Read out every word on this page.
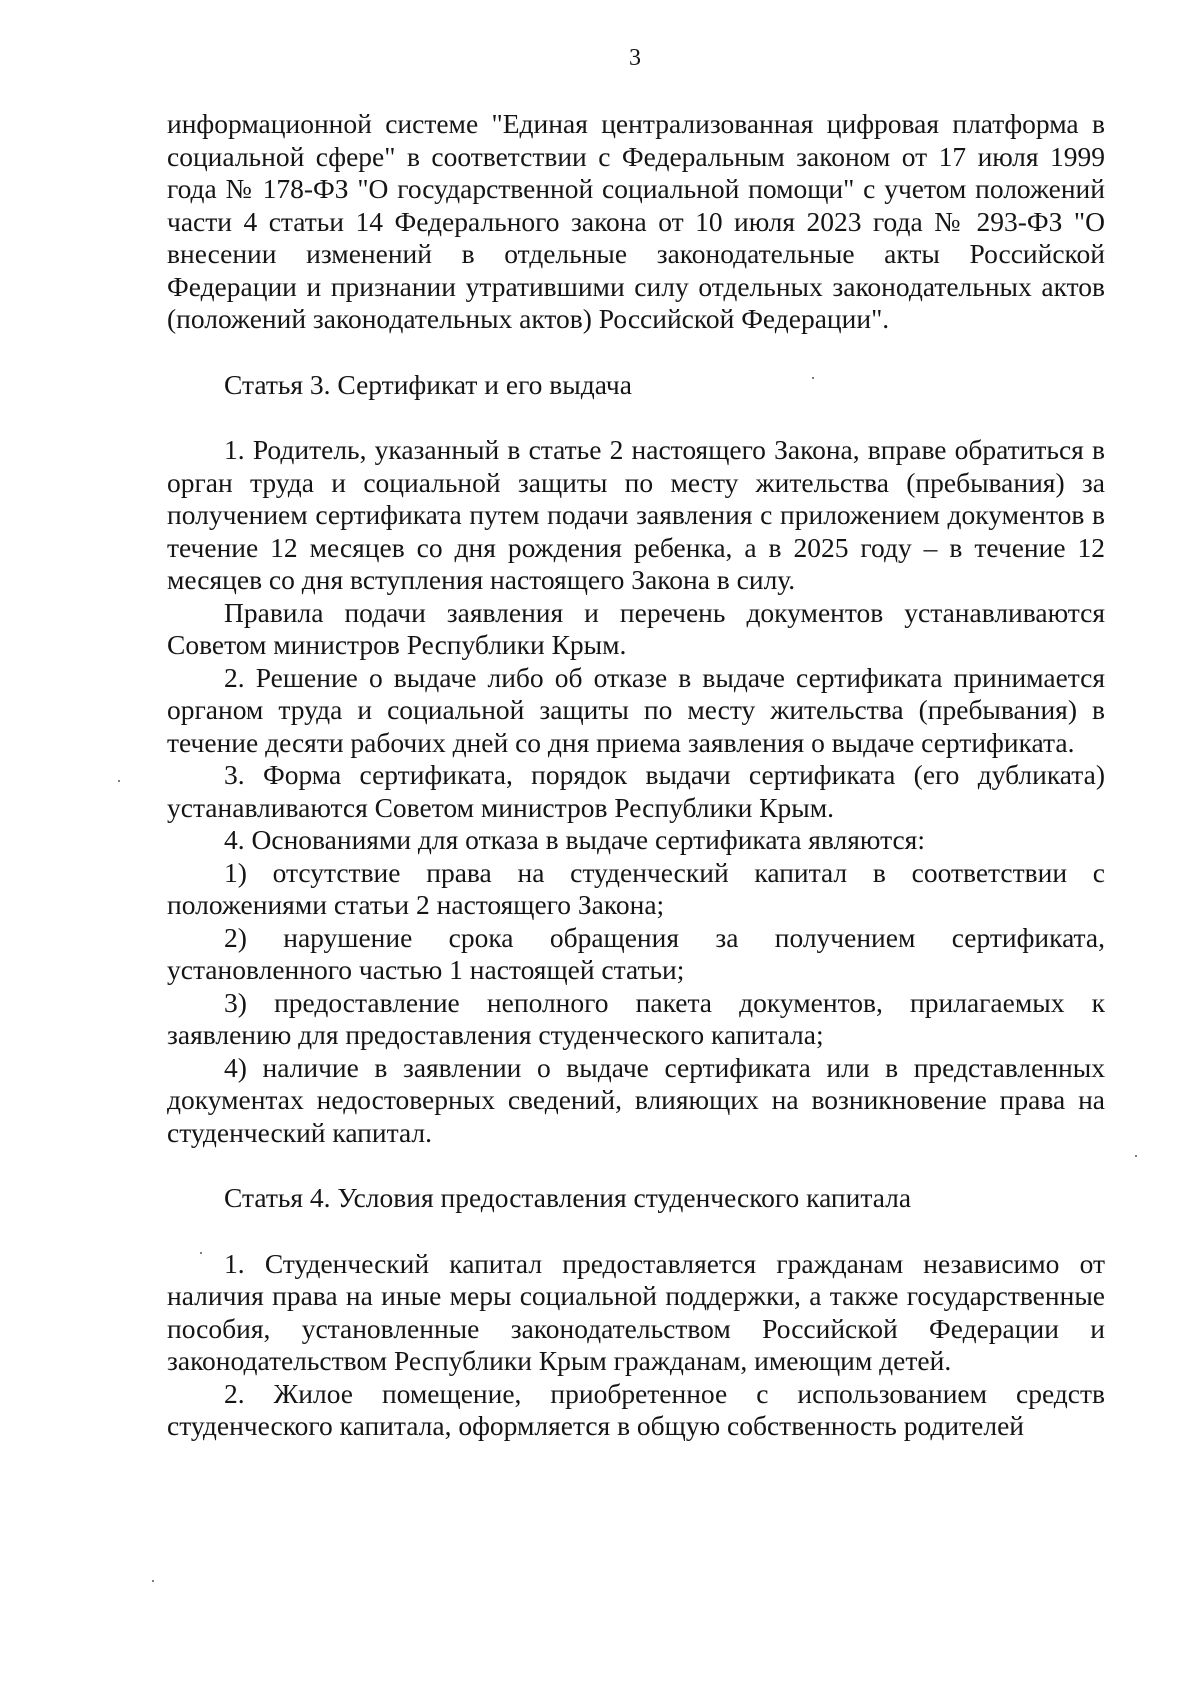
3

информационной системе "Единая централизованная цифровая платформа в социальной сфере" в соответствии с Федеральным законом от 17 июля 1999 года № 178-ФЗ "О государственной социальной помощи" с учетом положений части 4 статьи 14 Федерального закона от 10 июля 2023 года № 293-ФЗ "О внесении изменений в отдельные законодательные акты Российской Федерации и признании утратившими силу отдельных законодательных актов (положений законодательных актов) Российской Федерации".

Статья 3. Сертификат и его выдача

1. Родитель, указанный в статье 2 настоящего Закона, вправе обратиться в орган труда и социальной защиты по месту жительства (пребывания) за получением сертификата путем подачи заявления с приложением документов в течение 12 месяцев со дня рождения ребенка, а в 2025 году – в течение 12 месяцев со дня вступления настоящего Закона в силу.

Правила подачи заявления и перечень документов устанавливаются Советом министров Республики Крым.

2. Решение о выдаче либо об отказе в выдаче сертификата принимается органом труда и социальной защиты по месту жительства (пребывания) в течение десяти рабочих дней со дня приема заявления о выдаче сертификата.

3. Форма сертификата, порядок выдачи сертификата (его дубликата) устанавливаются Советом министров Республики Крым.

4. Основаниями для отказа в выдаче сертификата являются:

1) отсутствие права на студенческий капитал в соответствии с положениями статьи 2 настоящего Закона;

2) нарушение срока обращения за получением сертификата, установленного частью 1 настоящей статьи;

3) предоставление неполного пакета документов, прилагаемых к заявлению для предоставления студенческого капитала;

4) наличие в заявлении о выдаче сертификата или в представленных документах недостоверных сведений, влияющих на возникновение права на студенческий капитал.

Статья 4. Условия предоставления студенческого капитала

1. Студенческий капитал предоставляется гражданам независимо от наличия права на иные меры социальной поддержки, а также государственные пособия, установленные законодательством Российской Федерации и законодательством Республики Крым гражданам, имеющим детей.

2. Жилое помещение, приобретенное с использованием средств студенческого капитала, оформляется в общую собственность родителей
